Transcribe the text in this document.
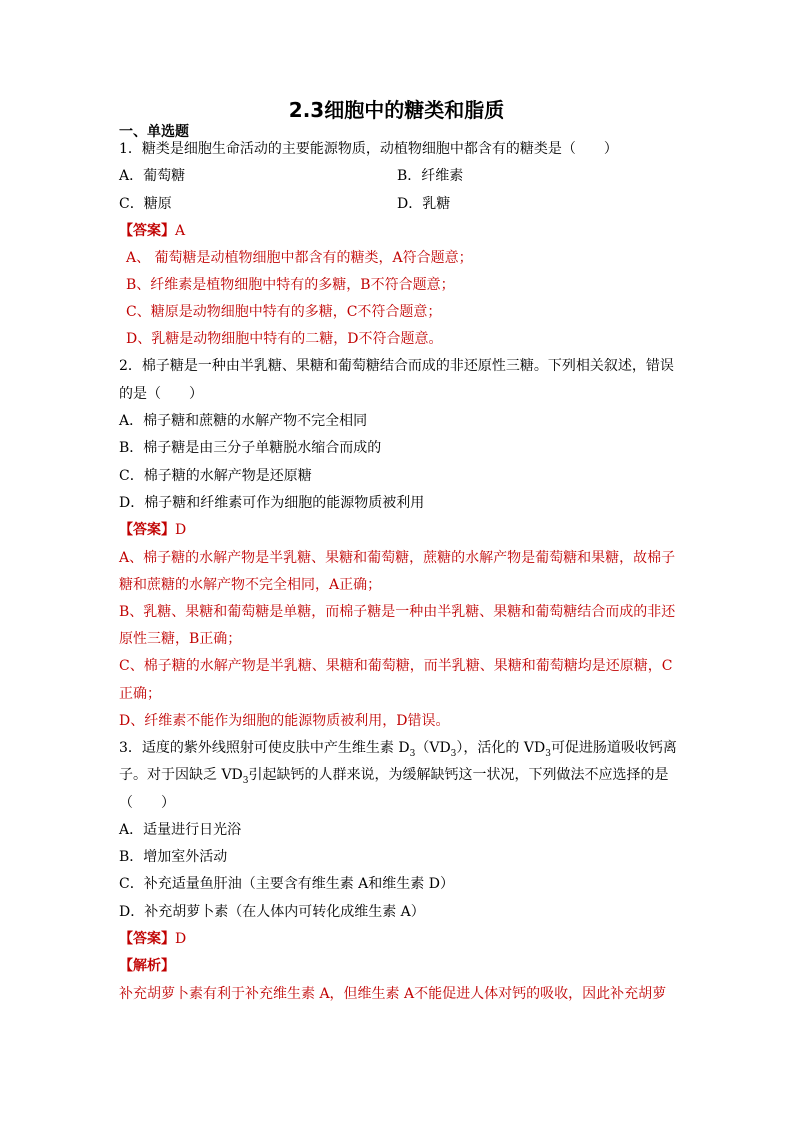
2.3细胞中的糖类和脂质
一、单选题
1．糖类是细胞生命活动的主要能源物质，动植物细胞中都含有的糖类是（　　）
A．葡萄糖	B．纤维素
C．糖原	D．乳糖
【答案】A
A、 葡萄糖是动植物细胞中都含有的糖类，A符合题意；
B、纤维素是植物细胞中特有的多糖，B不符合题意；
C、糖原是动物细胞中特有的多糖，C不符合题意；
D、乳糖是动物细胞中特有的二糖，D不符合题意。
2．棉子糖是一种由半乳糖、果糖和葡萄糖结合而成的非还原性三糖。下列相关叙述，错误
的是（　　）
A．棉子糖和蔗糖的水解产物不完全相同
B．棉子糖是由三分子单糖脱水缩合而成的
C．棉子糖的水解产物是还原糖
D．棉子糖和纤维素可作为细胞的能源物质被利用
【答案】D
A、棉子糖的水解产物是半乳糖、果糖和葡萄糖，蔗糖的水解产物是葡萄糖和果糖，故棉子
糖和蔗糖的水解产物不完全相同，A正确；
B、乳糖、果糖和葡萄糖是单糖，而棉子糖是一种由半乳糖、果糖和葡萄糖结合而成的非还
原性三糖，B正确；
C、棉子糖的水解产物是半乳糖、果糖和葡萄糖，而半乳糖、果糖和葡萄糖均是还原糖，C
正确；
D、纤维素不能作为细胞的能源物质被利用，D错误。
3．适度的紫外线照射可使皮肤中产生维生素 $D_3(VD_3)$，活化的 $VD_3$可促进肠道吸收钙离
子。对于因缺乏 $VD_3$引起缺钙的人群来说，为缓解缺钙这一状况，下列做法不应选择的是
（　　）
A．适量进行日光浴
B．增加室外活动
C．补充适量鱼肝油（主要含有维生素 A和维生素 D）
D．补充胡萝卜素（在人体内可转化成维生素 A）
【答案】D
【解析】
补充胡萝卜素有利于补充维生素 A，但维生素 A不能促进人体对钙的吸收，因此补充胡萝
